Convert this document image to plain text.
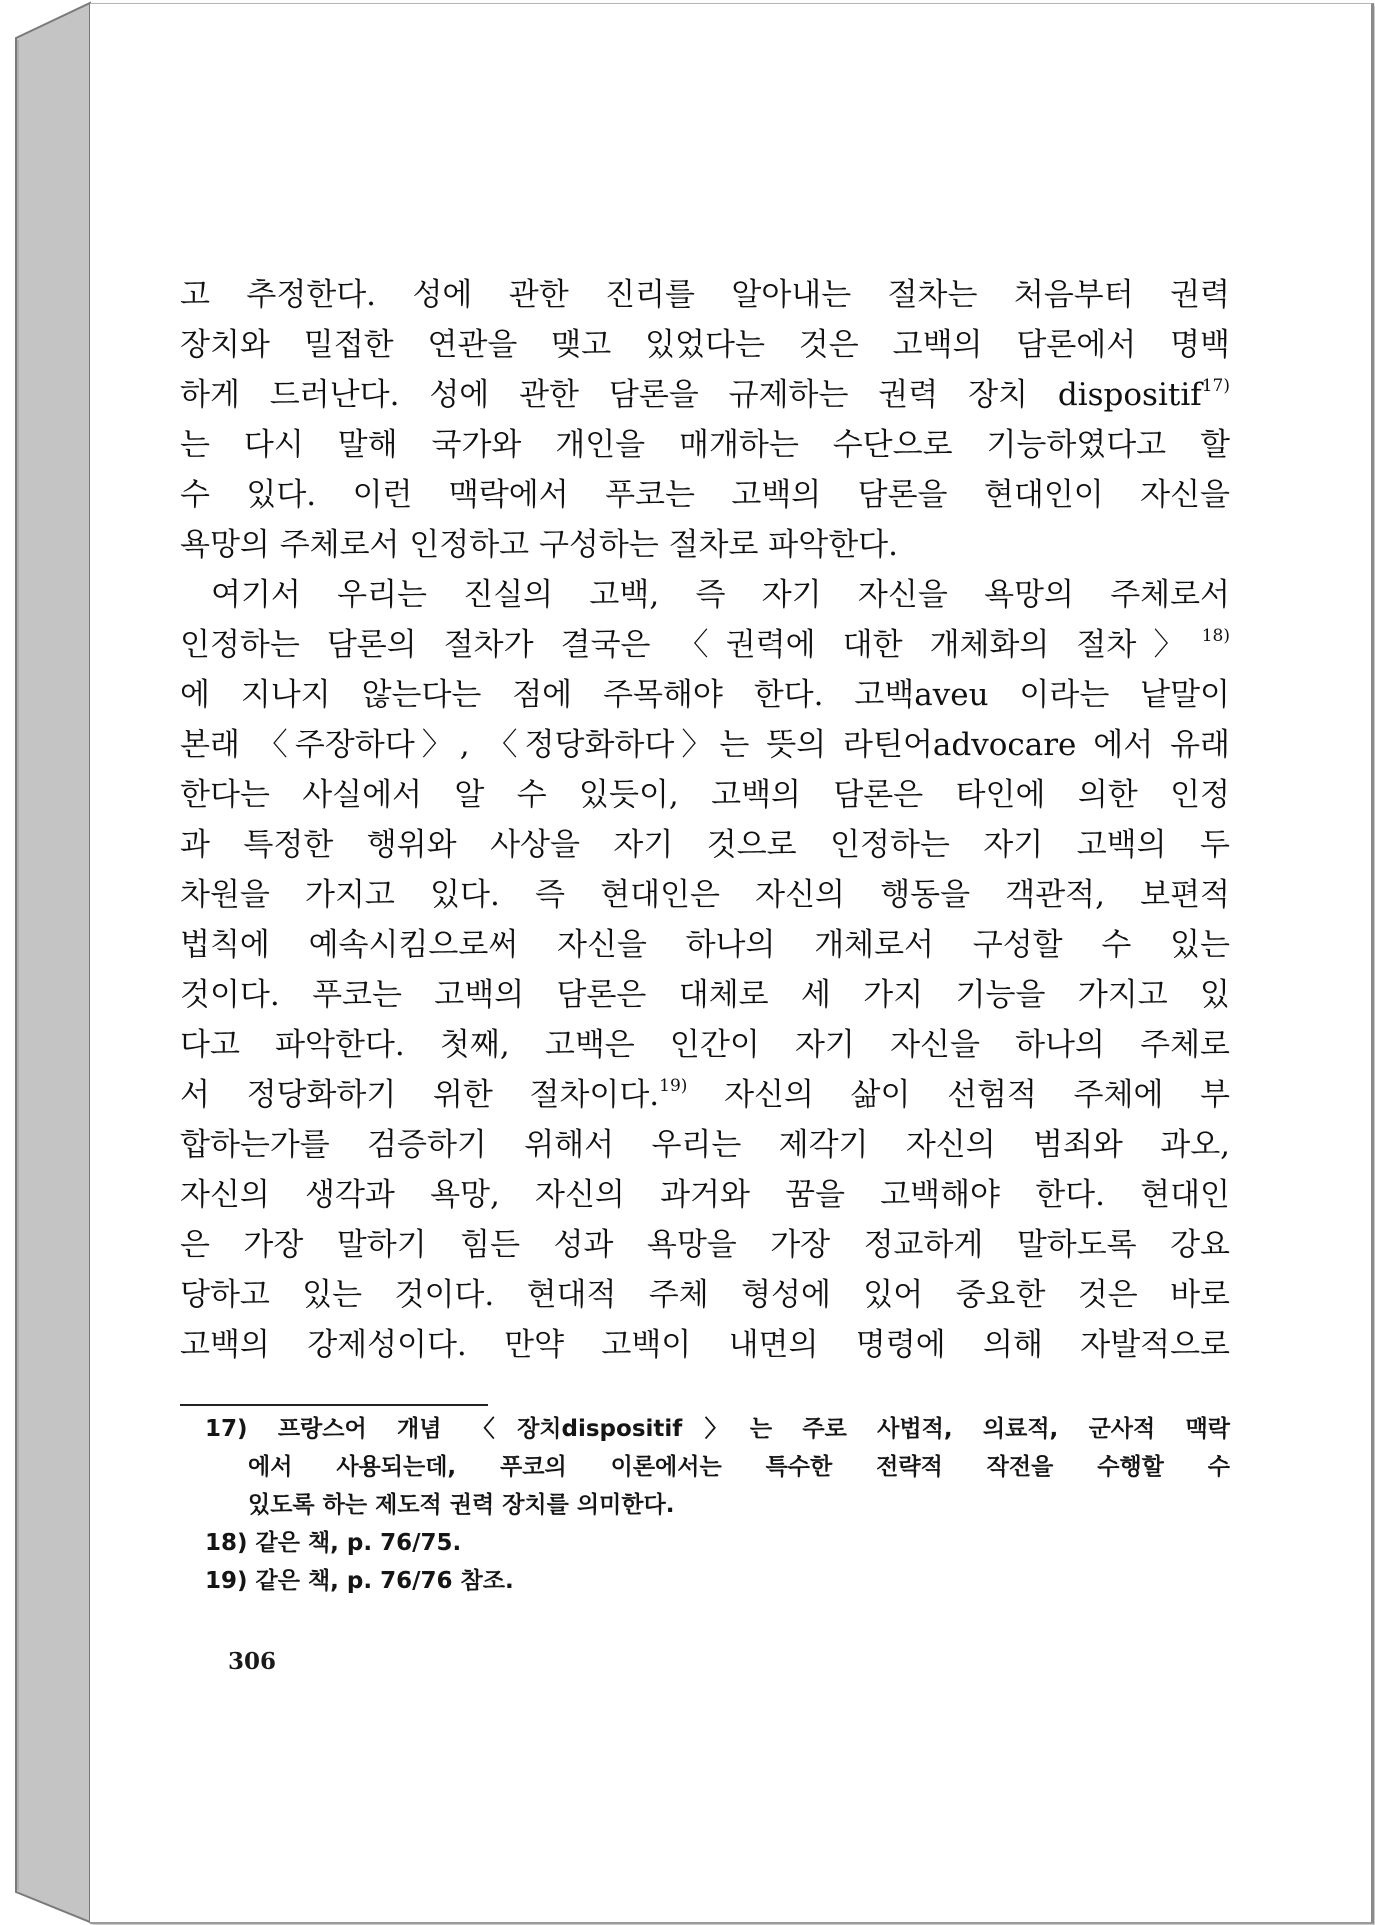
고 추정한다. 성에 관한 진리를 알아내는 절차는 처음부터 권력
장치와 밀접한 연관을 맺고 있었다는 것은 고백의 담론에서 명백
하게 드러난다. 성에 관한 담론을 규제하는 권력 장치 dispositif$^{17)}$
는 다시 말해 국가와 개인을 매개하는 수단으로 기능하였다고 할
수 있다. 이런 맥락에서 푸코는 고백의 담론을 현대인이 자신을
욕망의 주체로서 인정하고 구성하는 절차로 파악한다.
여기서 우리는 진실의 고백, 즉 자기 자신을 욕망의 주체로서
인정하는 담론의 절차가 결국은 〈권력에 대한 개체화의 절차〉$^{18)}$
에 지나지 않는다는 점에 주목해야 한다. 고백aveu 이라는 낱말이
본래 〈주장하다〉, 〈정당화하다〉는 뜻의 라틴어advocare 에서 유래
한다는 사실에서 알 수 있듯이, 고백의 담론은 타인에 의한 인정
과 특정한 행위와 사상을 자기 것으로 인정하는 자기 고백의 두
차원을 가지고 있다. 즉 현대인은 자신의 행동을 객관적, 보편적
법칙에 예속시킴으로써 자신을 하나의 개체로서 구성할 수 있는
것이다. 푸코는 고백의 담론은 대체로 세 가지 기능을 가지고 있
다고 파악한다. 첫째, 고백은 인간이 자기 자신을 하나의 주체로
서 정당화하기 위한 절차이다.$^{19)}$ 자신의 삶이 선험적 주체에 부
합하는가를 검증하기 위해서 우리는 제각기 자신의 범죄와 과오,
자신의 생각과 욕망, 자신의 과거와 꿈을 고백해야 한다. 현대인
은 가장 말하기 힘든 성과 욕망을 가장 정교하게 말하도록 강요
당하고 있는 것이다. 현대적 주체 형성에 있어 중요한 것은 바로
고백의 강제성이다. 만약 고백이 내면의 명령에 의해 자발적으로
17) 프랑스어 개념 〈장치dispositif〉는 주로 사법적, 의료적, 군사적 맥락
에서 사용되는데, 푸코의 이론에서는 특수한 전략적 작전을 수행할 수
있도록 하는 제도적 권력 장치를 의미한다.
18) 같은 책, p. 76/75.
19) 같은 책, p. 76/76 참조.
306
